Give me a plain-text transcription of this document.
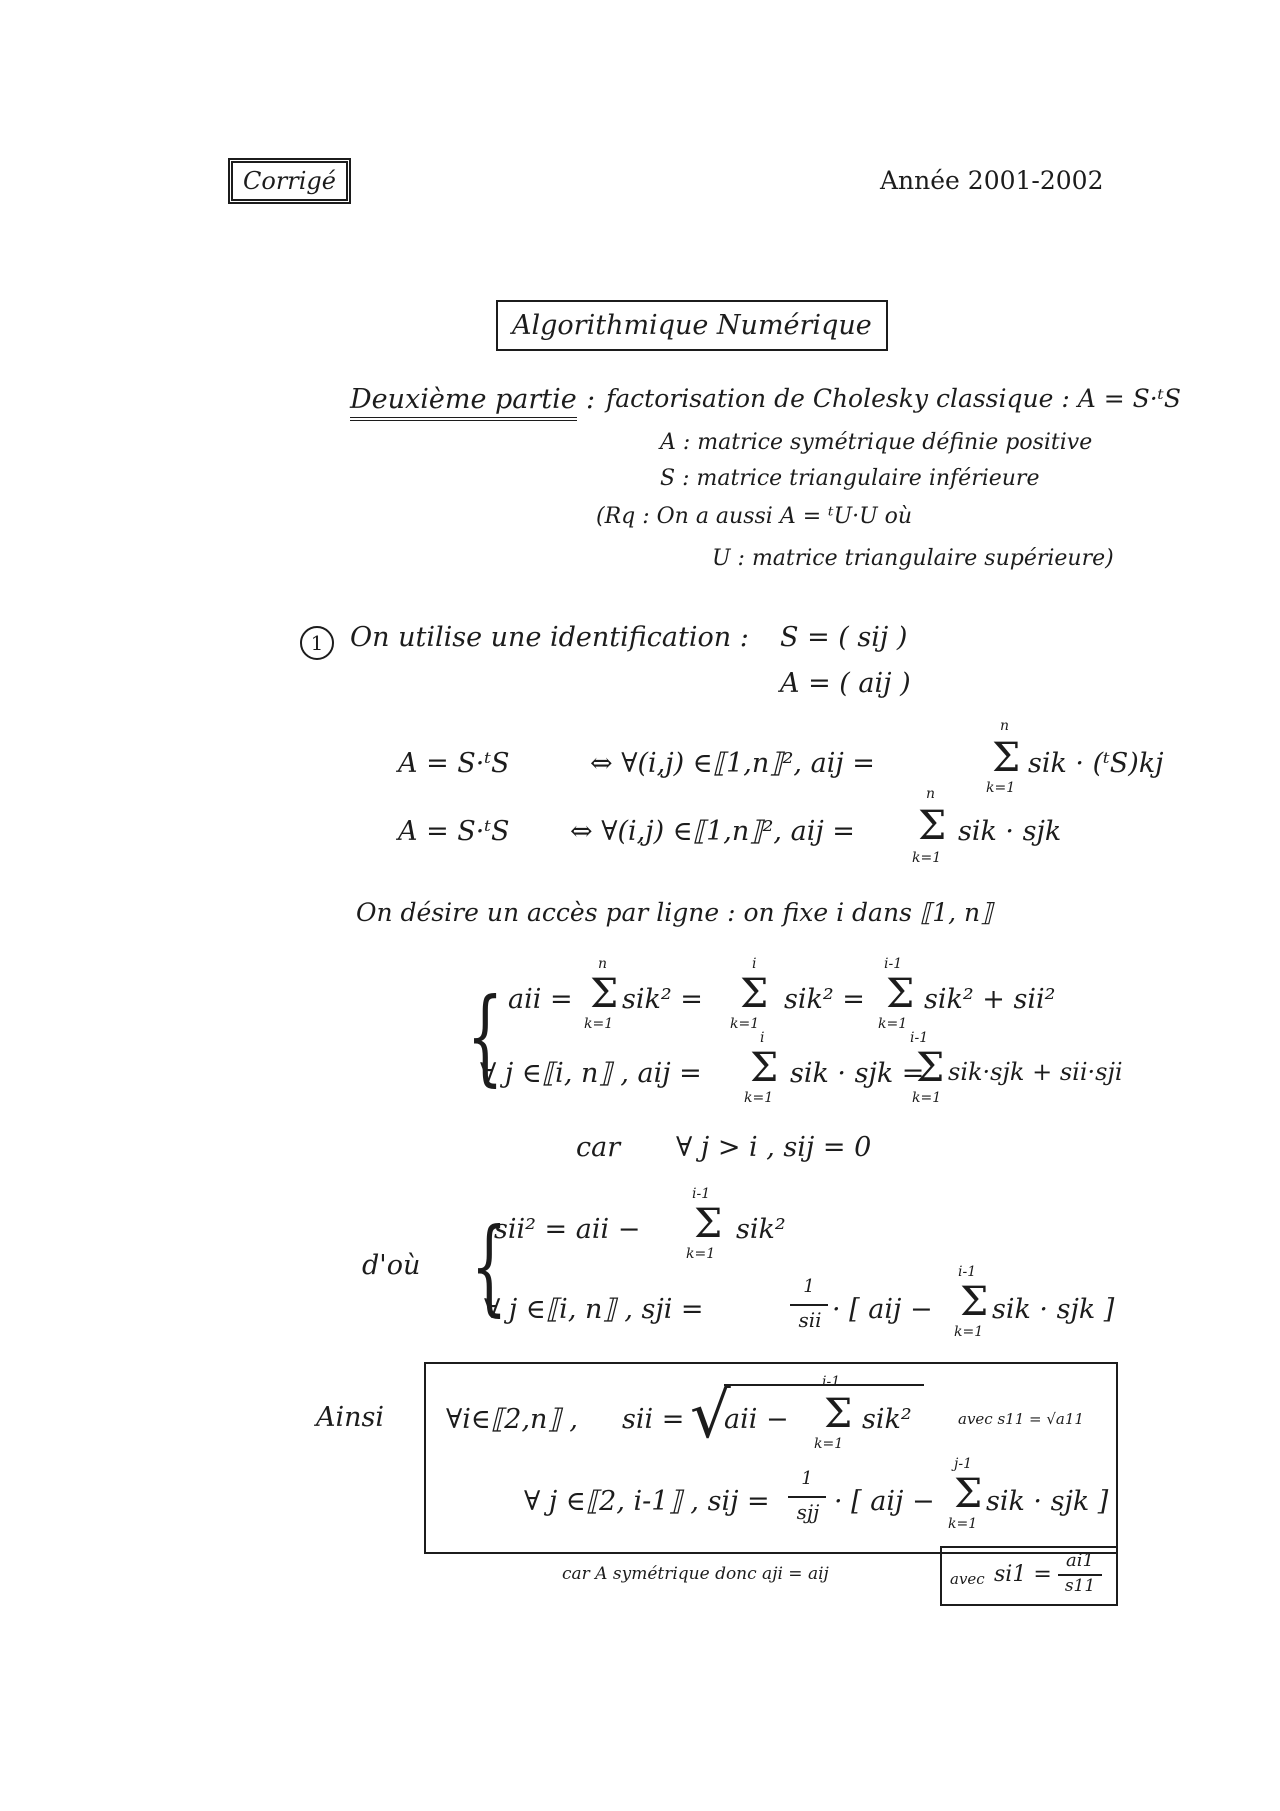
Corrigé	Année 2001-2002
Algorithmique Numérique
Deuxième partie : factorisation de Cholesky classique : A = S·ᵗS
A : matrice symétrique définie positive
S : matrice triangulaire inférieure
(Rq : On a aussi A = ᵗU·U où
U : matrice triangulaire supérieure)
1 On utilise une identification : S = ( sij )
A = ( aij )
A = S·ᵗS	⇔ ∀(i,j) ∈⟦1,n⟧², aij =
n
Σ
k=1
sik · (ᵗS)kj
A = S·ᵗS ⇔ ∀(i,j) ∈⟦1,n⟧², aij =
n
Σ
k=1
sik · sjk
On désire un accès par ligne : on fixe i dans ⟦1, n⟧
{ aii =
n
Σ
k=1
sik² =
i
Σ
k=1
sik² =
i-1
Σ
k=1
sik² + sii²
∀ j ∈⟦i, n⟧ , aij =
i
Σ
k=1
sik · sjk =
i-1
Σ
k=1
sik·sjk + sii·sji
car ∀ j > i , sij = 0
d'où {
sii² = aii −
i-1
Σ
k=1
sik²
∀ j ∈⟦i, n⟧ , sji =
1
sii · [ aij −
i-1
Σ
k=1
sik · sjk ]
Ainsi ∀i∈⟦2,n⟧ , sii = √
aii −
i-1
Σ
k=1
sik²	avec s11 = √a11
∀ j ∈⟦2, i-1⟧ , sij =
1
sjj · [ aij −
j-1
Σ
k=1
sik · sjk ]
car A symétrique donc aji = aij	avec si1 =
ai1
s11
